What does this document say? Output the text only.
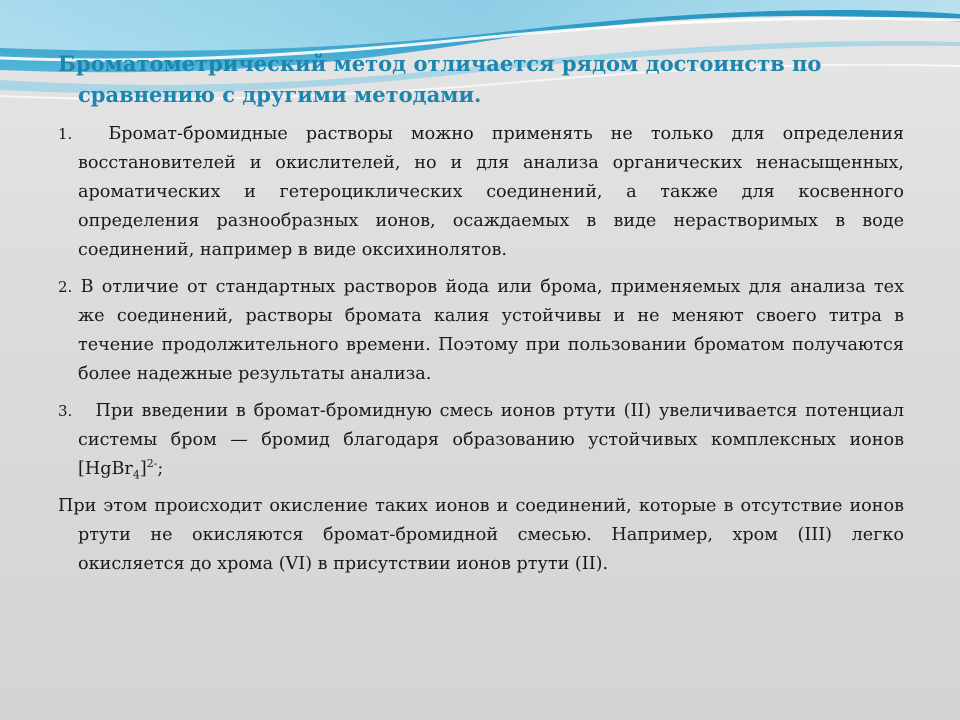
Броматометрический метод отличается рядом достоинств по сравнению с другими методами.

1. Бромат-бромидные растворы можно применять не только для определения восстановителей и окислителей, но и для анализа органических ненасыщенных, ароматических и гетероциклических соединений, а также для косвенного определения разнообразных ионов, осаждаемых в виде нерастворимых в воде соединений, например в виде оксихинолятов.

2. В отличие от стандартных растворов йода или брома, применяемых для анализа тех же соединений, растворы бромата калия устойчивы и не меняют своего титра в течение продолжительного времени. Поэтому при пользовании броматом получаются более надежные результаты анализа.

3. При введении в бромат-бромидную смесь ионов ртути (II) увеличивается потенциал системы бром — бромид благодаря образованию устойчивых комплексных ионов [HgBr$_4$]$^{2-}$;

При этом происходит окисление таких ионов и соединений, которые в отсутствие ионов ртути не окисляются бромат-бромидной смесью. Например, хром (III) легко окисляется до хрома (VI) в присутствии ионов ртути (II).
